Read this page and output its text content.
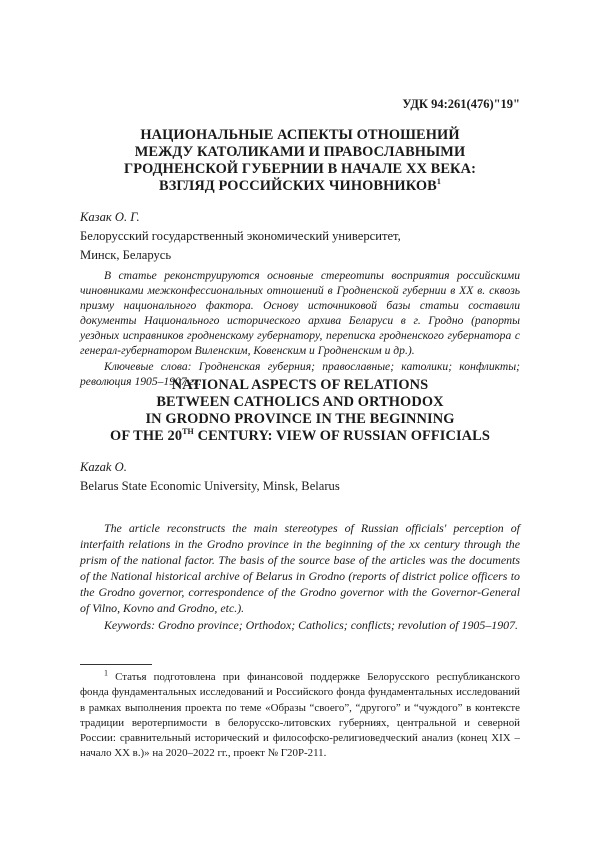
УДК 94:261(476)"19"
НАЦИОНАЛЬНЫЕ АСПЕКТЫ ОТНОШЕНИЙ
МЕЖДУ КАТОЛИКАМИ И ПРАВОСЛАВНЫМИ
ГРОДНЕНСКОЙ ГУБЕРНИИ В НАЧАЛЕ ХХ ВЕКА:
ВЗГЛЯД РОССИЙСКИХ ЧИНОВНИКОВ$^1$
Казак О. Г.
Белорусский государственный экономический университет,
Минск, Беларусь

В статье реконструируются основные стереотипы восприятия российскими чиновниками межконфессиональных отношений в Гродненской губернии в ХХ в. сквозь призму национального фактора. Основу источниковой базы статьи составили документы Национального исторического архива Беларуси в г. Гродно (рапорты уездных исправников гродненскому губернатору, переписка гродненского губернатора с генерал-губернатором Виленским, Ковенским и Гродненским и др.).

Ключевые слова: Гродненская губерния; православные; католики; конфликты; революция 1905–1907 гг.

NATIONAL ASPECTS OF RELATIONS
BETWEEN CATHOLICS AND ORTHODOX
IN GRODNO PROVINCE IN THE BEGINNING
OF THE 20TH CENTURY: VIEW OF RUSSIAN OFFICIALS
Kazak O.
Belarus State Economic University, Minsk, Belarus

The article reconstructs the main stereotypes of Russian officials' perception of interfaith relations in the Grodno province in the beginning of the xx century through the prism of the national factor. The basis of the source base of the articles was the documents of the National historical archive of Belarus in Grodno (reports of district police officers to the Grodno governor, correspondence of the Grodno governor with the Governor-General of Vilno, Kovno and Grodno, etc.).

Keywords: Grodno province; Orthodox; Catholics; conflicts; revolution of 1905–1907.

$^1$ Статья подготовлена при финансовой поддержке Белорусского республиканского фонда фундаментальных исследований и Российского фонда фундаментальных исследований в рамках выполнения проекта по теме «Образы “своего”, “другого” и “чуждого” в контексте традиции веротерпимости в белорусско-литовских губерниях, центральной и северной России: сравнительный исторический и философско-религиоведческий анализ (конец XIX – начало XX в.)» на 2020–2022 гг., проект № Г20Р-211.
